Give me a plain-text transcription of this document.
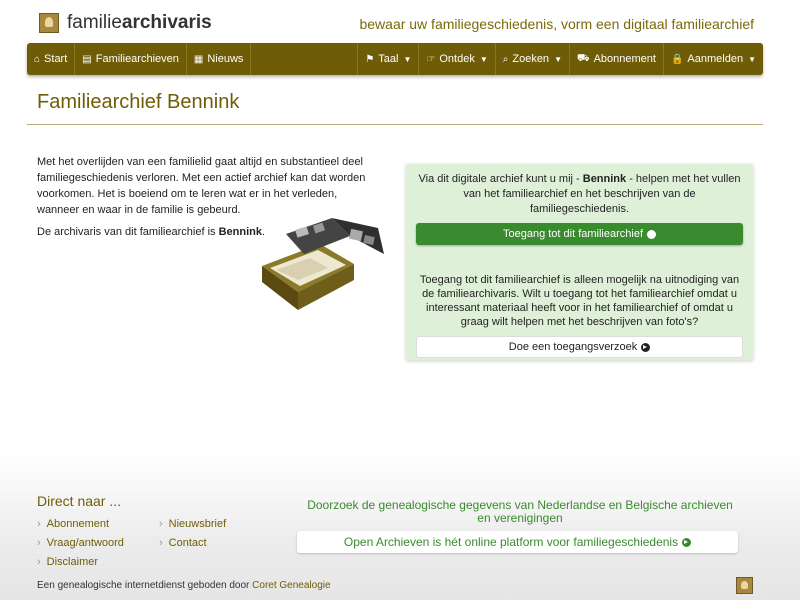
familiearchivaris	bewaar uw familiegeschiedenis, vorm een digitaal familiearchief
⌂ Start ▤ Familiearchieven ▦ Nieuws	⚑ Taal ▼ ☞ Ontdek ▼ ⌕ Zoeken ▼ ⛟ Abonnement 🔒 Aanmelden ▼
Familiearchief Bennink

Met het overlijden van een familielid gaat altijd en substantieel deel familiegeschiedenis verloren. Met een actief archief kan dat worden voorkomen. Het is boeiend om te leren wat er in het verleden, wanneer en waar in de familie is gebeurd.

De archivaris van dit familiearchief is Bennink.

Via dit digitale archief kunt u mij - Bennink - helpen met het vullen van het familiearchief en het beschrijven van de familiegeschiedenis.
Toegang tot dit familiearchief
Toegang tot dit familiearchief is alleen mogelijk na uitnodiging van de familiearchivaris. Wilt u toegang tot het familiearchief omdat u interessant materiaal heeft voor in het familiearchief of omdat u graag wilt helpen met het beschrijven van foto's?
Doe een toegangsverzoek
Direct naar ...
› Abonnement
› Vraag/antwoord
› Disclaimer
› Nieuwsbrief
› Contact
Doorzoek de genealogische gegevens van Nederlandse en Belgische archieven en verenigingen
Open Archieven is hét online platform voor familiegeschiedenis
Een genealogische internetdienst geboden door Coret Genealogie
